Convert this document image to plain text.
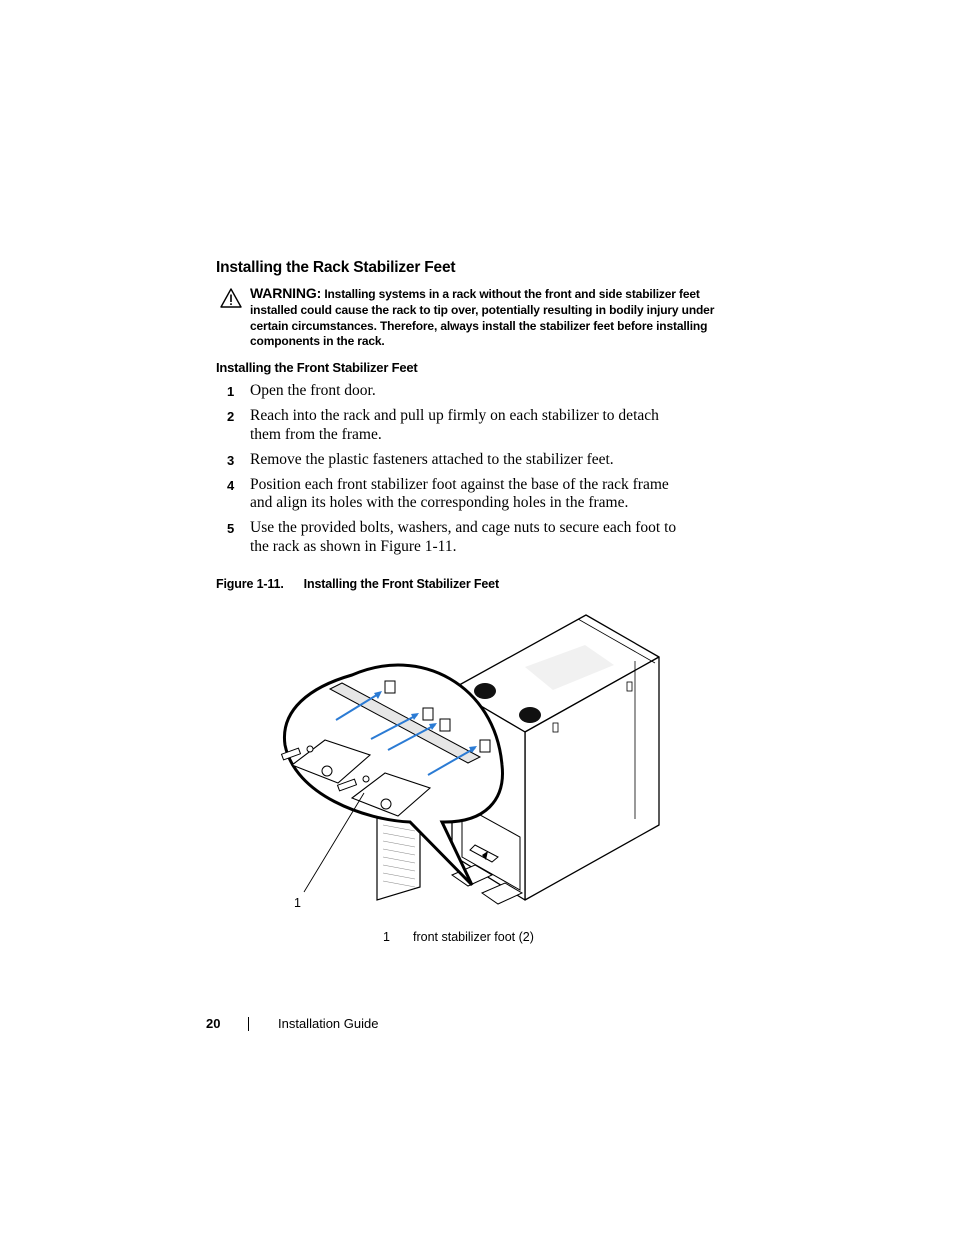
Installing the Rack Stabilizer Feet
WARNING: Installing systems in a rack without the front and side stabilizer feet installed could cause the rack to tip over, potentially resulting in bodily injury under certain circumstances. Therefore, always install the stabilizer feet before installing components in the rack.
Installing the Front Stabilizer Feet
1 Open the front door.
2 Reach into the rack and pull up firmly on each stabilizer to detach them from the frame.
3 Remove the plastic fasteners attached to the stabilizer feet.
4 Position each front stabilizer foot against the base of the rack frame and align its holes with the corresponding holes in the frame.
5 Use the provided bolts, washers, and cage nuts to secure each foot to the rack as shown in Figure 1-11.
Figure 1-11. Installing the Front Stabilizer Feet
1
1 front stabilizer foot (2)
20	Installation Guide
